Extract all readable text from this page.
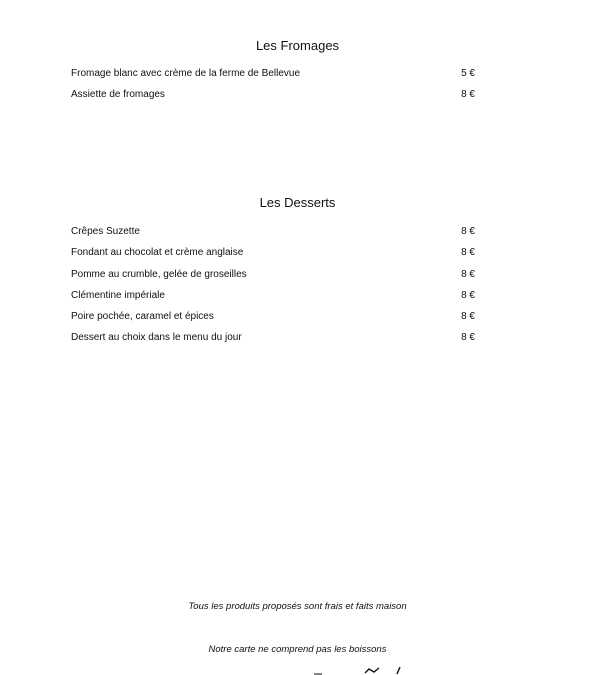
Les Fromages
Fromage blanc avec crème de la ferme de Bellevue	5 €
Assiette de fromages	8 €
Les Desserts
Crêpes Suzette	8 €
Fondant au chocolat et crème anglaise	8 €
Pomme au crumble, gelée de groseilles	8 €
Clémentine impériale	8 €
Poire pochée, caramel et épices	8 €
Dessert au choix dans le menu du jour	8 €
Tous les produits proposés sont frais et faits maison
Notre carte ne comprend pas les boissons
